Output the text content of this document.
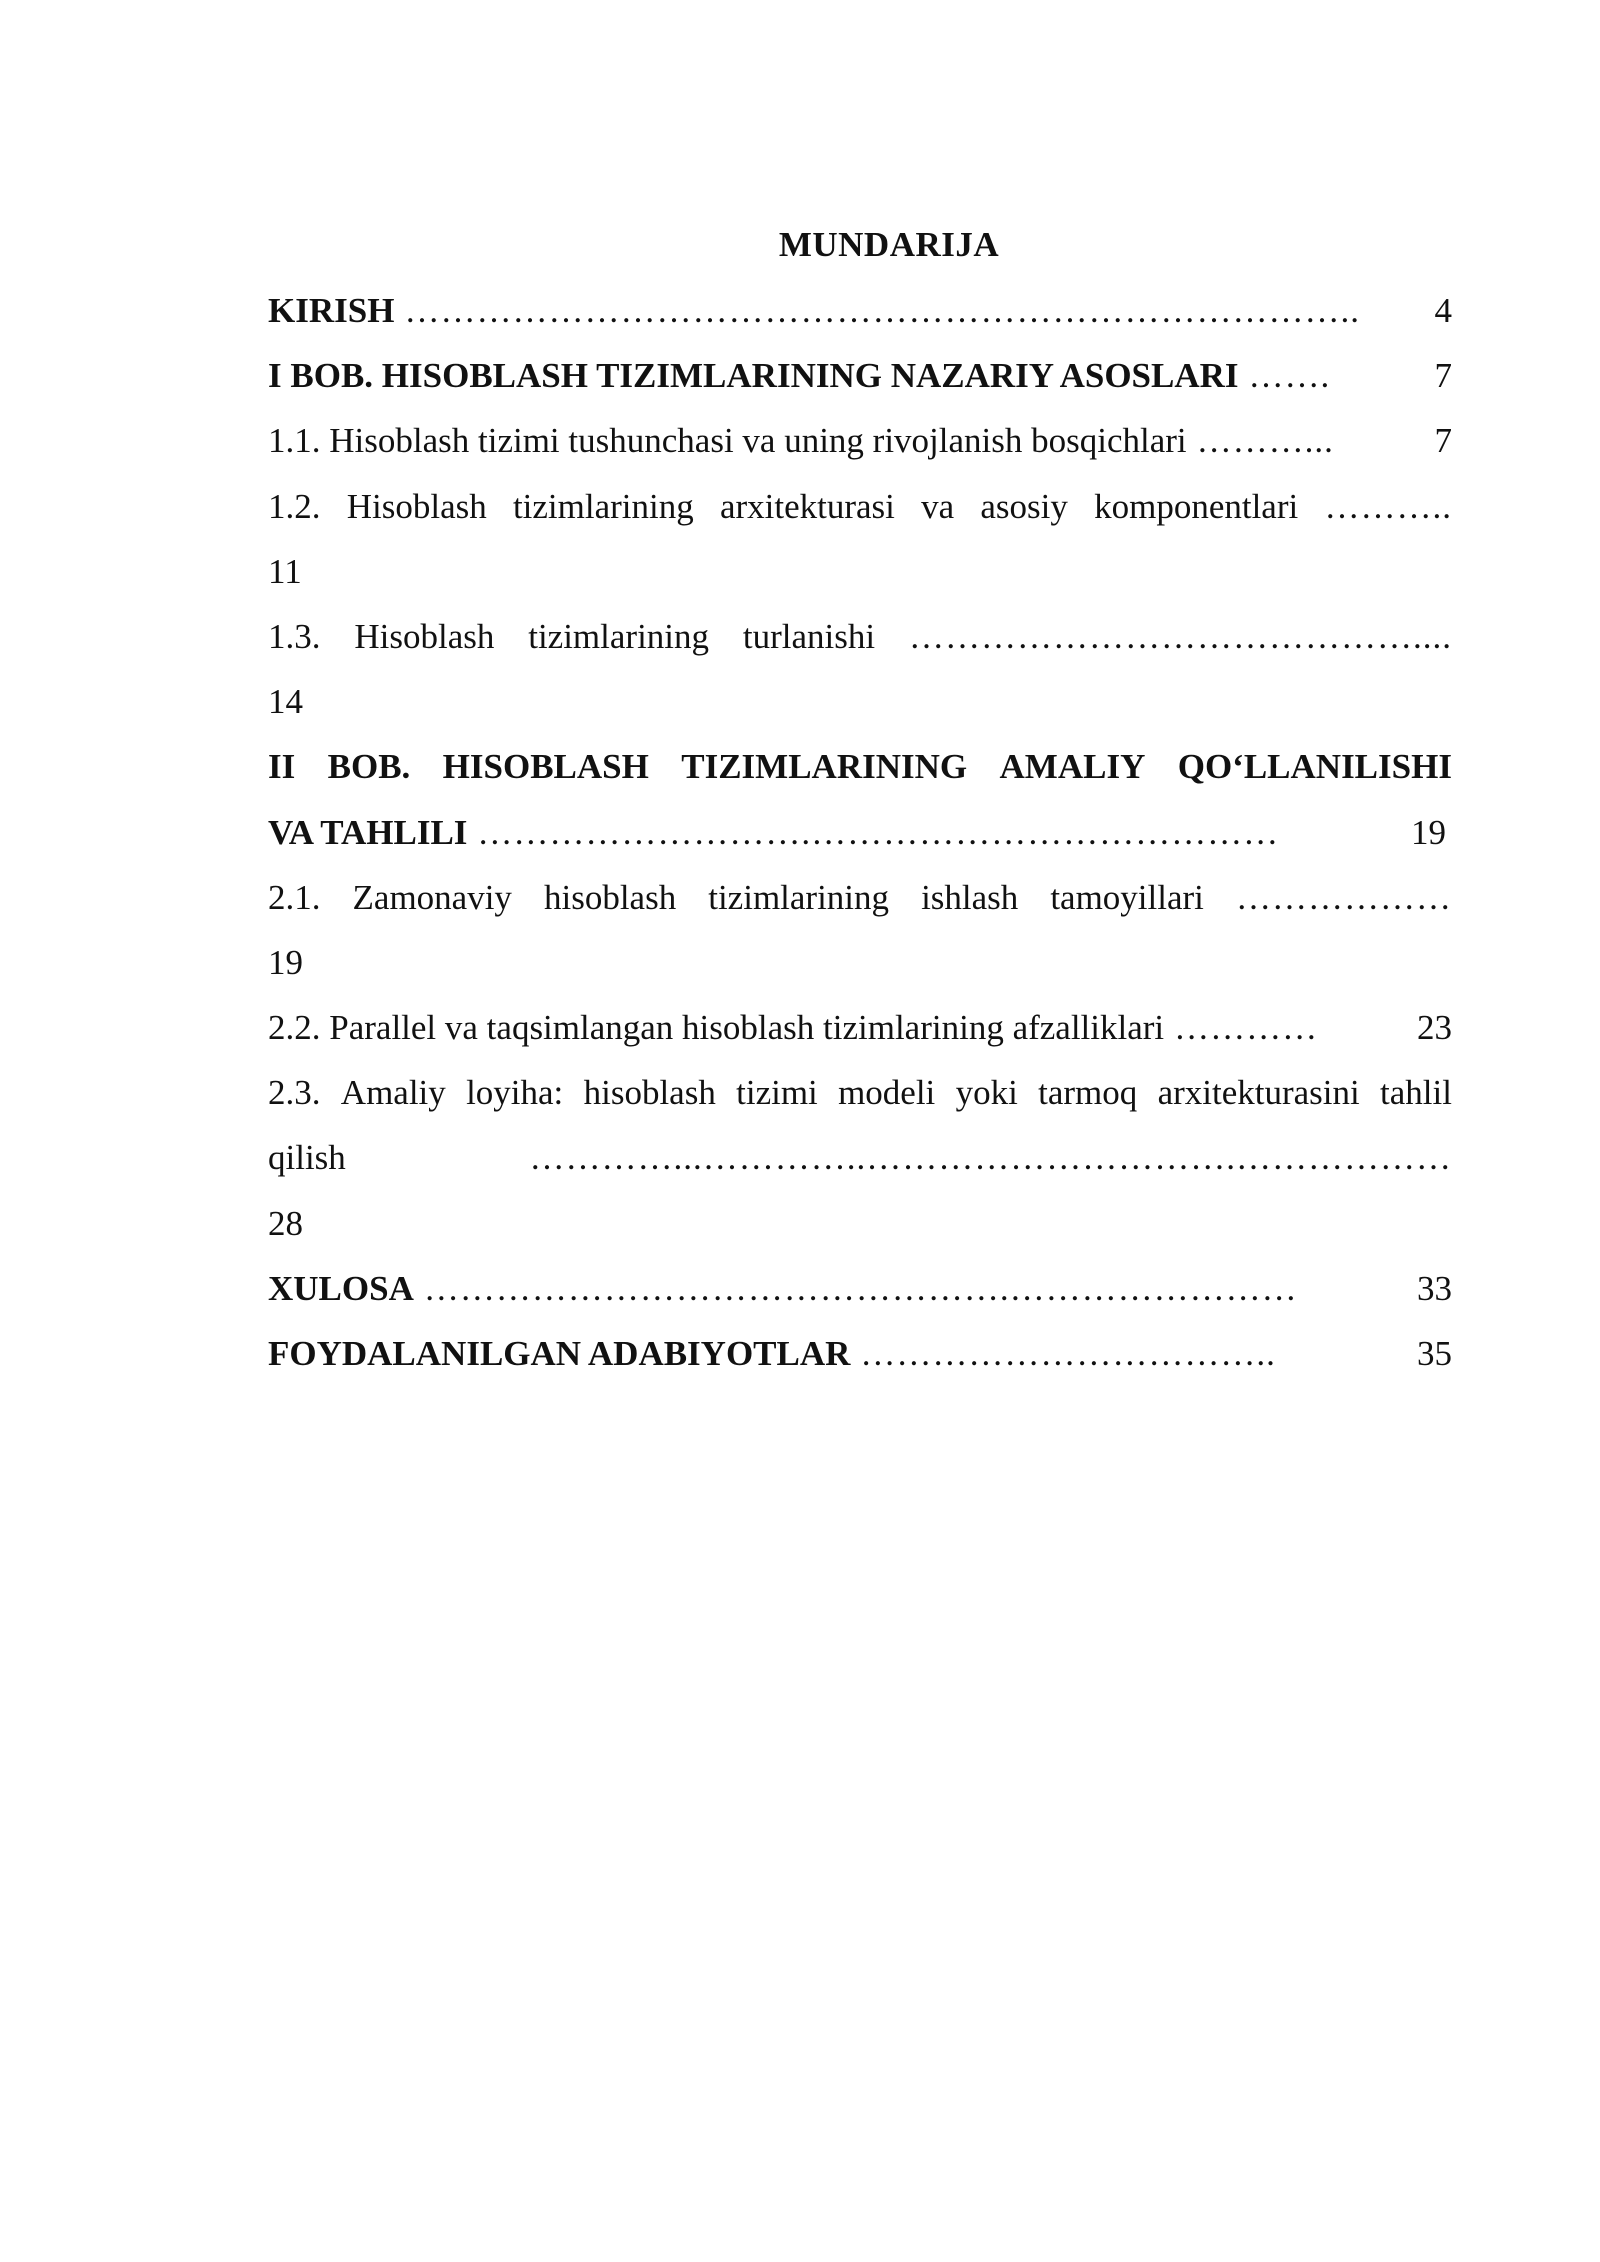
MUNDARIJA
KIRISH ……………………………………………………………………..	4
I BOB. HISOBLASH TIZIMLARINING NAZARIY ASOSLARI …….	7
1.1. Hisoblash tizimi tushunchasi va uning rivojlanish bosqichlari ………...	7
1.2. Hisoblash tizimlarining arxitekturasi va asosiy komponentlari ………..
11
1.3. Hisoblash tizimlarining turlanishi ……………………………………....
14
II BOB. HISOBLASH TIZIMLARINING AMALIY QO‘LLANILISHI
VA TAHLILI ……………………….…………………………………	19
2.1. Zamonaviy hisoblash tizimlarining ishlash tamoyillari ………………
19
2.2. Parallel va taqsimlangan hisoblash tizimlarining afzalliklari …………	23
2.3. Amaliy loyiha: hisoblash tizimi modeli yoki tarmoq arxitekturasini tahlil
qilish	…………...…………..………………………….………………
28
XULOSA ………………………………………….……………………	33
FOYDALANILGAN ADABIYOTLAR ……………………………..	35
